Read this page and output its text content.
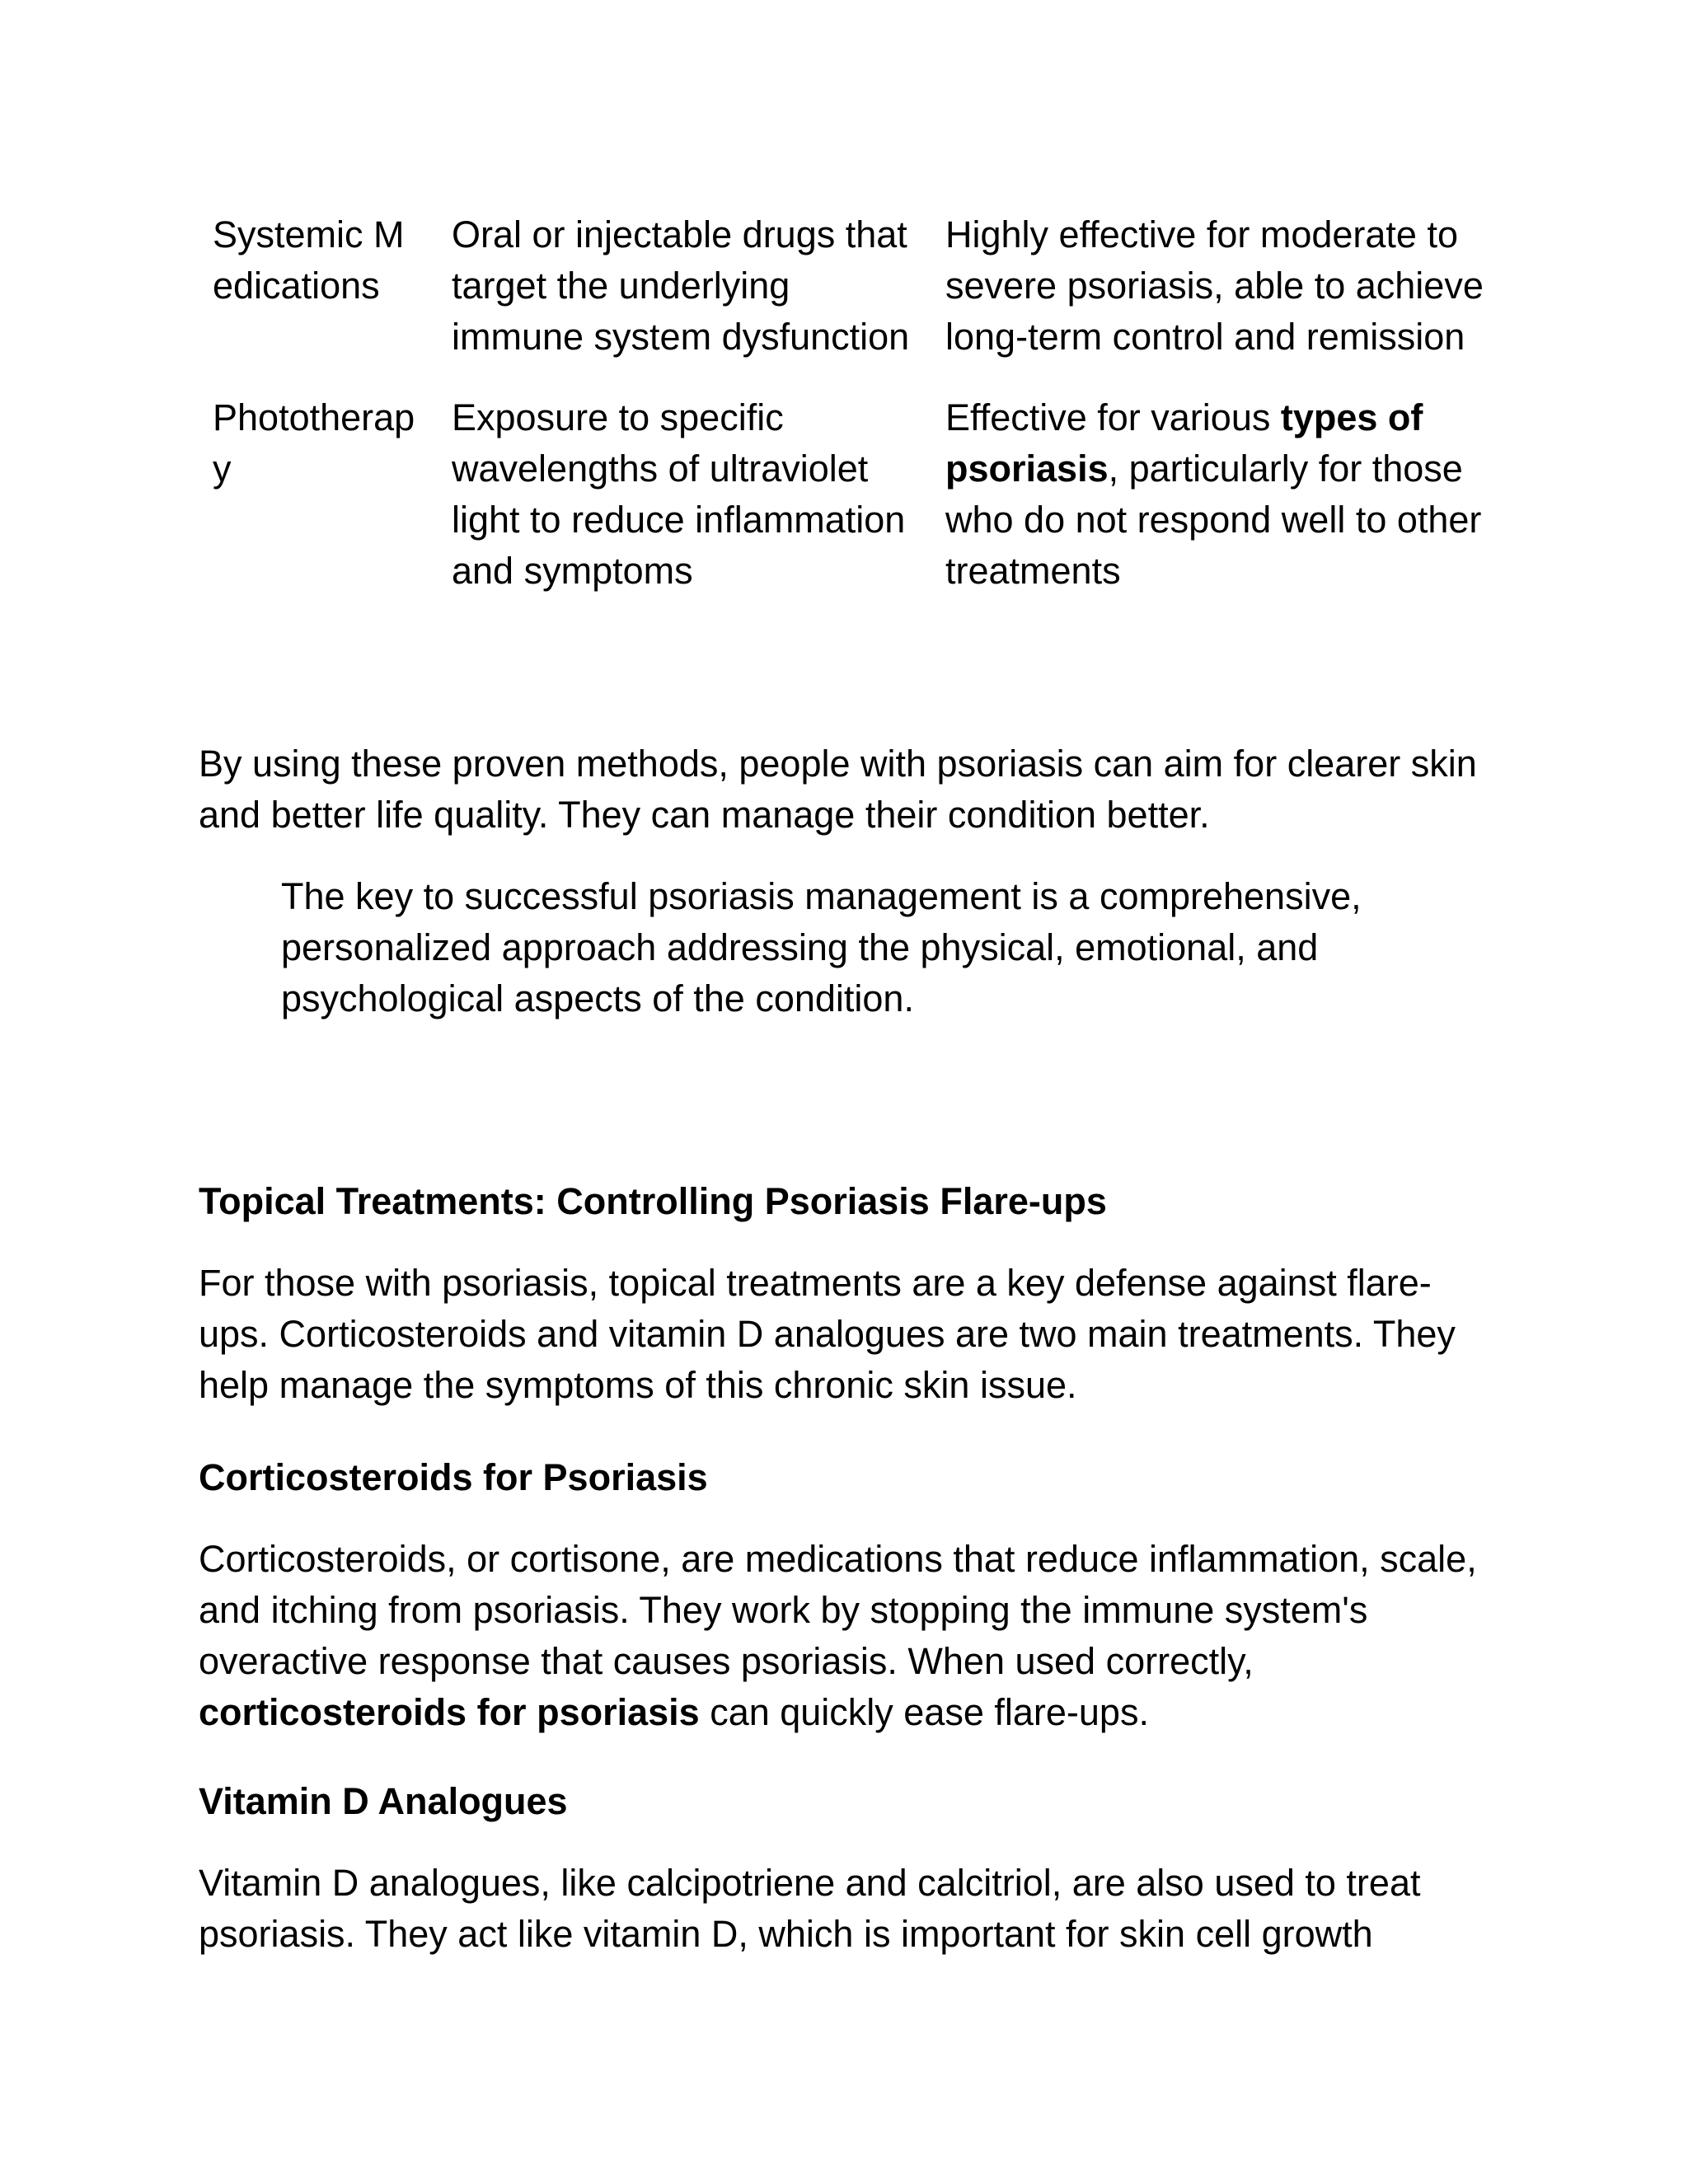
Systemic Medications	Oral or injectable drugs that target the underlying immune system dysfunction	Highly effective for moderate to severe psoriasis, able to achieve long-term control and remission
Phototherapy	Exposure to specific wavelengths of ultraviolet light to reduce inflammation and symptoms	Effective for various types of psoriasis, particularly for those who do not respond well to other treatments

By using these proven methods, people with psoriasis can aim for clearer skin and better life quality. They can manage their condition better.

The key to successful psoriasis management is a comprehensive, personalized approach addressing the physical, emotional, and psychological aspects of the condition.

Topical Treatments: Controlling Psoriasis Flare-ups

For those with psoriasis, topical treatments are a key defense against flare-ups. Corticosteroids and vitamin D analogues are two main treatments. They help manage the symptoms of this chronic skin issue.

Corticosteroids for Psoriasis

Corticosteroids, or cortisone, are medications that reduce inflammation, scale, and itching from psoriasis. They work by stopping the immune system's overactive response that causes psoriasis. When used correctly, corticosteroids for psoriasis can quickly ease flare-ups.

Vitamin D Analogues

Vitamin D analogues, like calcipotriene and calcitriol, are also used to treat psoriasis. They act like vitamin D, which is important for skin cell growth
